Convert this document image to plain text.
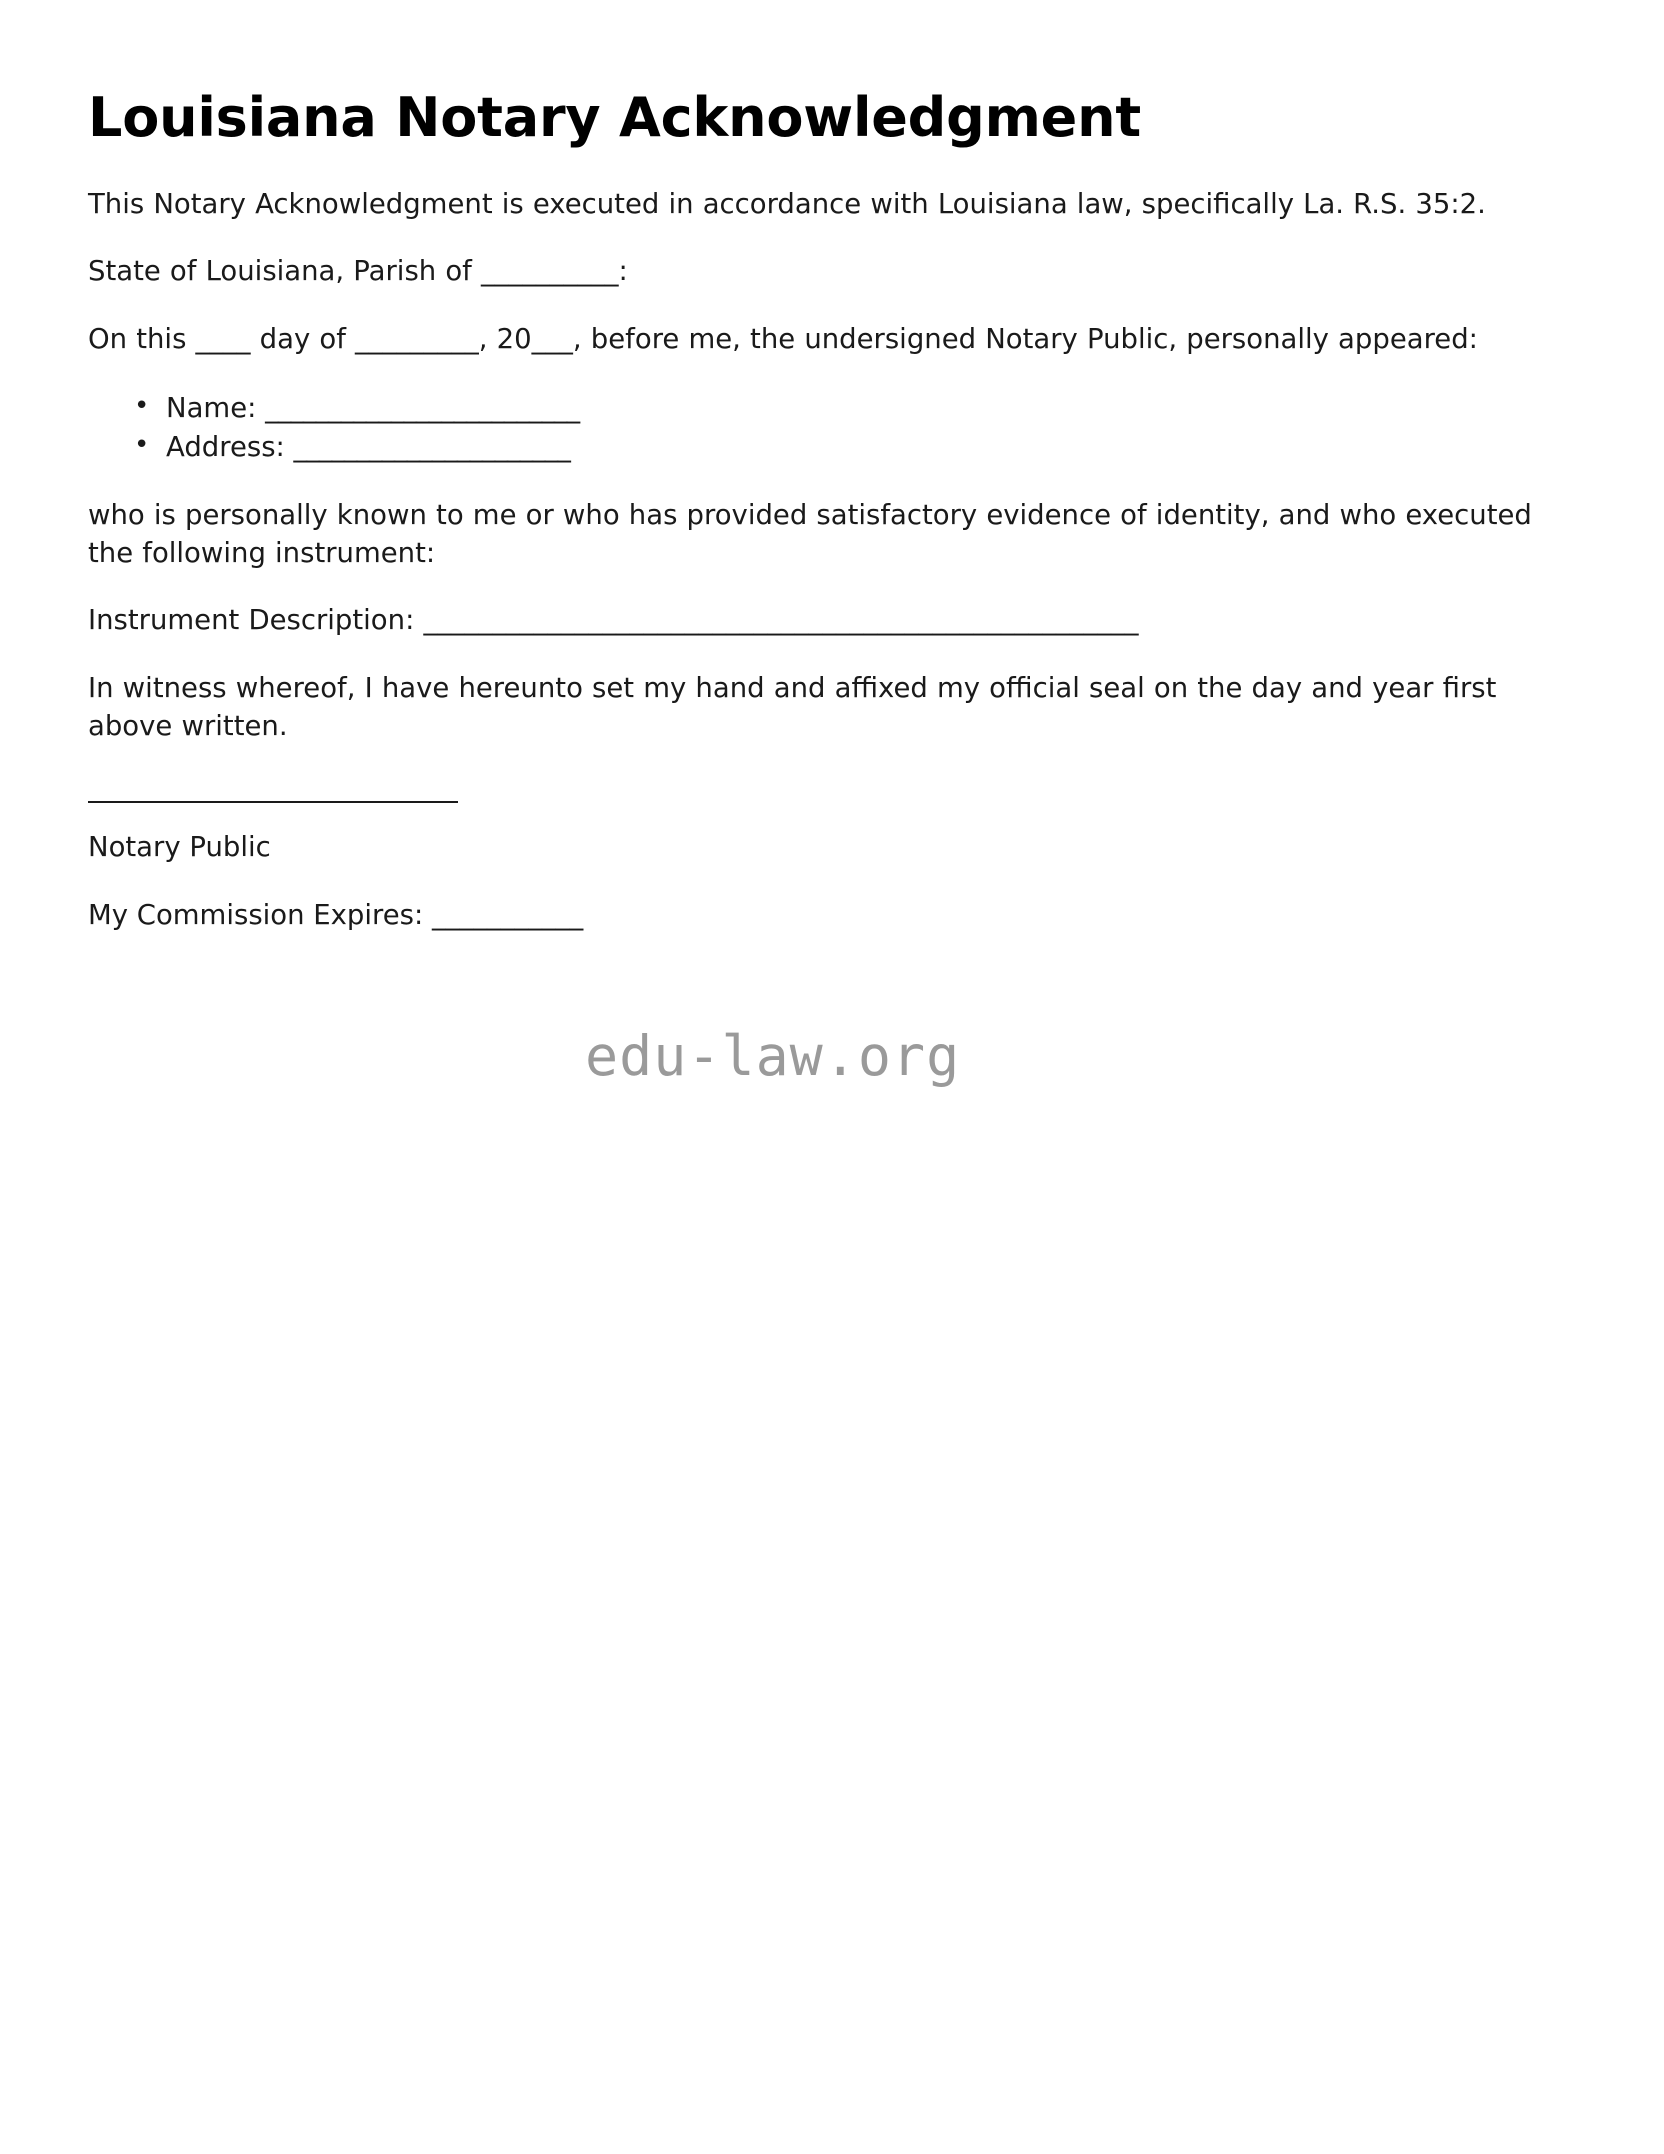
Louisiana Notary Acknowledgment

This Notary Acknowledgment is executed in accordance with Louisiana law, specifically La. R.S. 35:2.

State of Louisiana, Parish of __________:

On this ____ day of _________, 20___, before me, the undersigned Notary Public, personally appeared:

• Name: _________________________
• Address: ______________________

who is personally known to me or who has provided satisfactory evidence of identity, and who executed the following instrument:

Instrument Description: ____________________________________________________

In witness whereof, I have hereunto set my hand and affixed my official seal on the day and year first above written.

Notary Public

My Commission Expires: ___________

edu-law.org
